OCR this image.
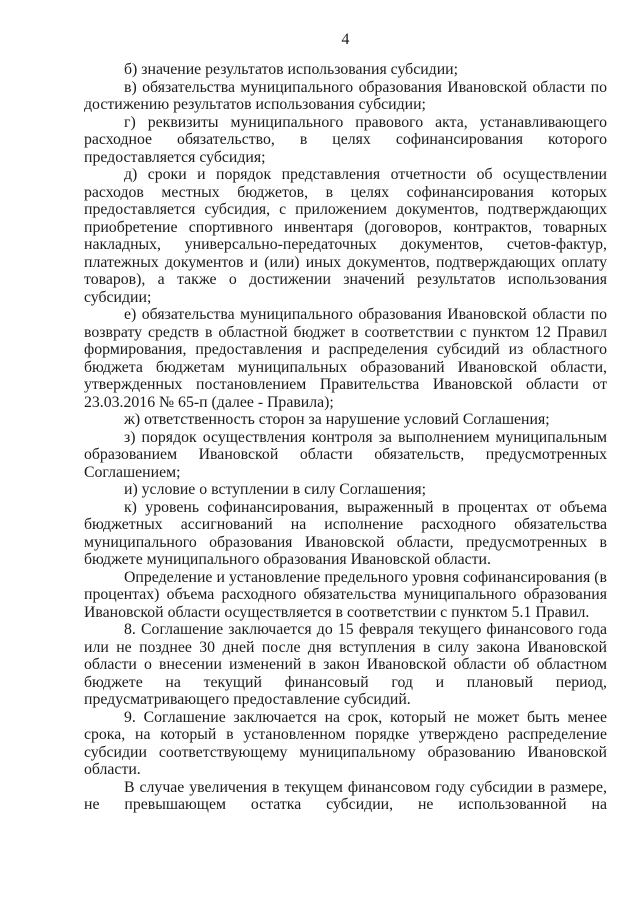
4

б) значение результатов использования субсидии;

в) обязательства муниципального образования Ивановской области по достижению результатов использования субсидии;

г) реквизиты муниципального правового акта, устанавливающего расходное обязательство, в целях софинансирования которого предоставляется субсидия;

д) сроки и порядок представления отчетности об осуществлении расходов местных бюджетов, в целях софинансирования которых предоставляется субсидия, с приложением документов, подтверждающих приобретение спортивного инвентаря (договоров, контрактов, товарных накладных, универсально-передаточных документов, счетов-фактур, платежных документов и (или) иных документов, подтверждающих оплату товаров), а также о достижении значений результатов использования субсидии;

е) обязательства муниципального образования Ивановской области по возврату средств в областной бюджет в соответствии с пунктом 12 Правил формирования, предоставления и распределения субсидий из областного бюджета бюджетам муниципальных образований Ивановской области, утвержденных постановлением Правительства Ивановской области от 23.03.2016 № 65-п (далее - Правила);

ж) ответственность сторон за нарушение условий Соглашения;

з) порядок осуществления контроля за выполнением муниципальным образованием Ивановской области обязательств, предусмотренных Соглашением;

и) условие о вступлении в силу Соглашения;

к) уровень софинансирования, выраженный в процентах от объема бюджетных ассигнований на исполнение расходного обязательства муниципального образования Ивановской области, предусмотренных в бюджете муниципального образования Ивановской области.

Определение и установление предельного уровня софинансирования (в процентах) объема расходного обязательства муниципального образования Ивановской области осуществляется в соответствии с пунктом 5.1 Правил.

8. Соглашение заключается до 15 февраля текущего финансового года или не позднее 30 дней после дня вступления в силу закона Ивановской области о внесении изменений в закон Ивановской области об областном бюджете на текущий финансовый год и плановый период, предусматривающего предоставление субсидий.

9. Соглашение заключается на срок, который не может быть менее срока, на который в установленном порядке утверждено распределение субсидии соответствующему муниципальному образованию Ивановской области.

В случае увеличения в текущем финансовом году субсидии в размере, не превышающем остатка субсидии, не использованной на
